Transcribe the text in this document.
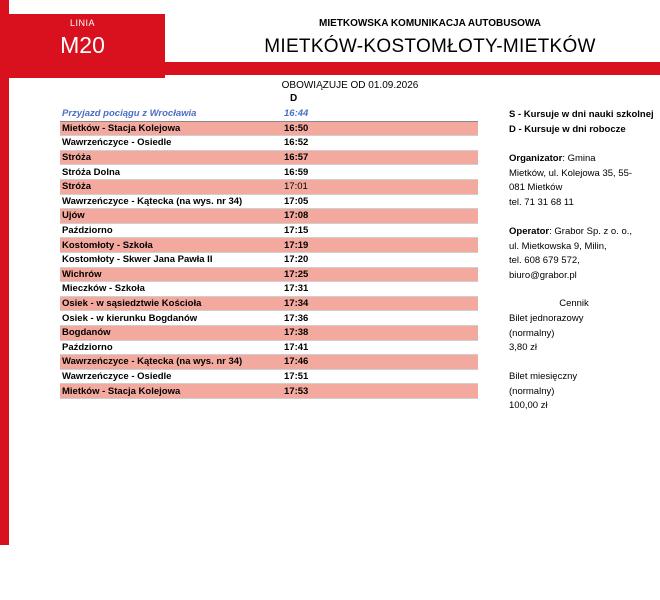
LINIA
M20
MIETKOWSKA KOMUNIKACJA AUTOBUSOWA
MIETKÓW-KOSTOMŁOTY-MIETKÓW
OBOWIĄZUJE OD 01.09.2026
D
Przyjazd pociągu z Wrocławia	16:44
Mietków - Stacja Kolejowa	16:50
Wawrzeńczyce - Osiedle	16:52
Stróża	16:57
Stróża Dolna	16:59
Stróża	17:01
Wawrzeńczyce - Kątecka (na wys. nr 34)	17:05
Ujów	17:08
Paździorno	17:15
Kostomłoty - Szkoła	17:19
Kostomłoty - Skwer Jana Pawła II	17:20
Wichrów	17:25
Mieczków - Szkoła	17:31
Osiek - w sąsiedztwie Kościoła	17:34
Osiek - w kierunku Bogdanów	17:36
Bogdanów	17:38
Paździorno	17:41
Wawrzeńczyce - Kątecka (na wys. nr 34)	17:46
Wawrzeńczyce - Osiedle	17:51
Mietków - Stacja Kolejowa	17:53
S - Kursuje w dni nauki szkolnej
D - Kursuje w dni robocze
Organizator: Gmina
Mietków, ul. Kolejowa 35, 55-
081 Mietków
tel. 71 31 68 11
Operator: Grabor Sp. z o. o.,
ul. Mietkowska 9, Milin,
tel. 608 679 572,
biuro@grabor.pl
Cennik
Bilet jednorazowy
(normalny)
3,80 zł
Bilet miesięczny
(normalny)
100,00 zł
